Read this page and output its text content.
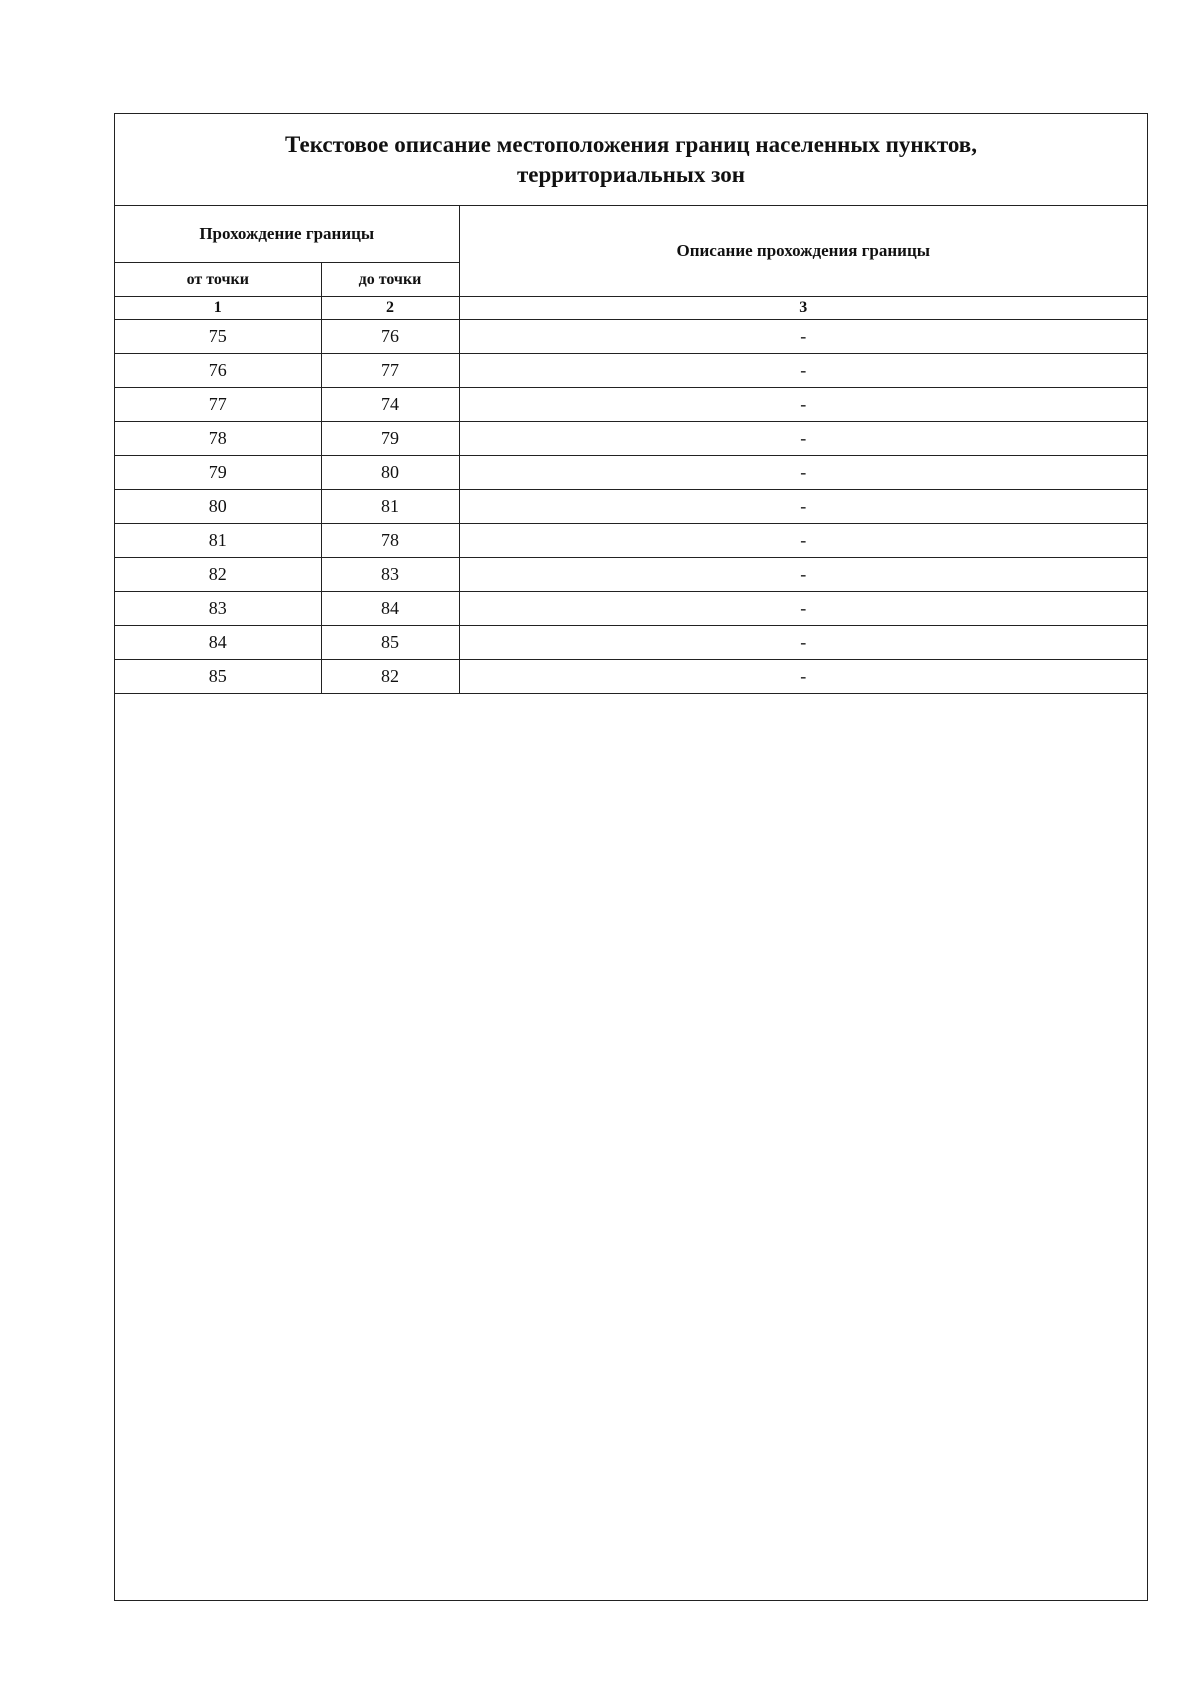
Текстовое описание местоположения границ населенных пунктов,
территориальных зон
Прохождение границы		Описание прохождения границы
от точки	до точки	
1	2	3
75	76	-
76	77	-
77	74	-
78	79	-
79	80	-
80	81	-
81	78	-
82	83	-
83	84	-
84	85	-
85	82	-
